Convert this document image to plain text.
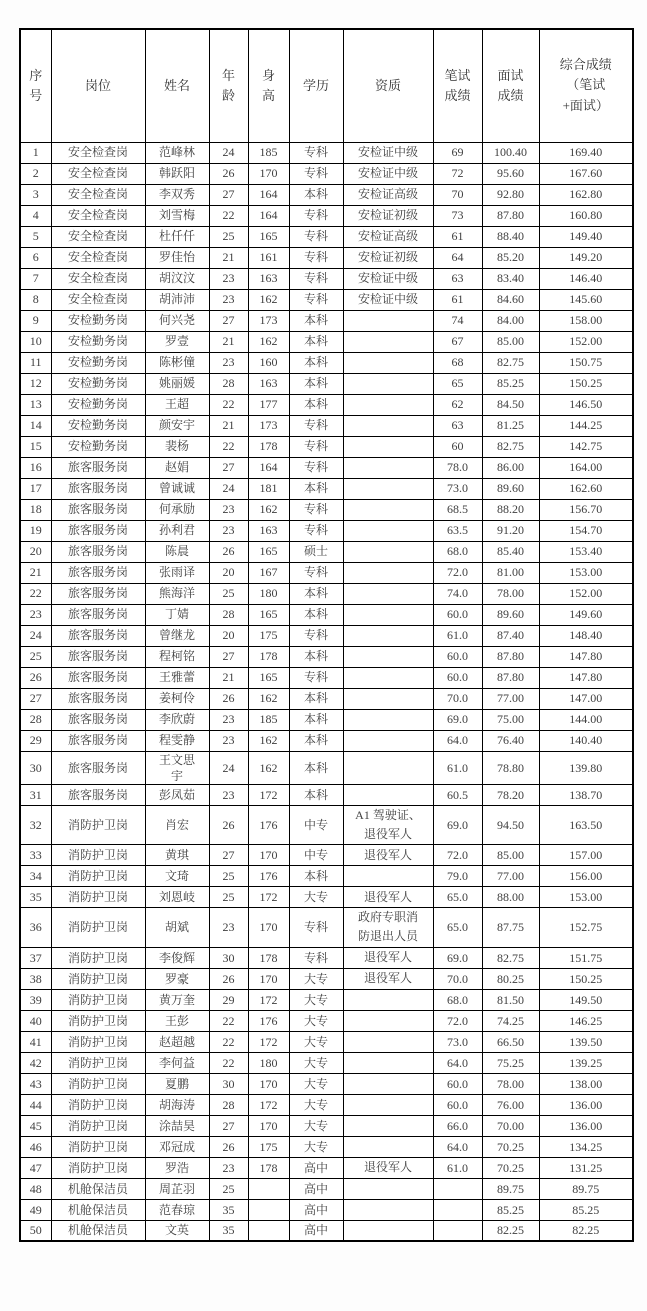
序号	岗位	姓名	年龄	身高	学历	资质	笔试成绩	面试成绩	综合成绩（笔试+面试）
1	安全检查岗	范峰林	24	185	专科	安检证中级	69	100.40	169.40
2	安全检查岗	韩跃阳	26	170	专科	安检证中级	72	95.60	167.60
3	安全检查岗	李双秀	27	164	本科	安检证高级	70	92.80	162.80
4	安全检查岗	刘雪梅	22	164	专科	安检证初级	73	87.80	160.80
5	安全检查岗	杜仟仟	25	165	专科	安检证高级	61	88.40	149.40
6	安全检查岗	罗佳怡	21	161	专科	安检证初级	64	85.20	149.20
7	安全检查岗	胡汶汶	23	163	专科	安检证中级	63	83.40	146.40
8	安全检查岗	胡沛沛	23	162	专科	安检证中级	61	84.60	145.60
9	安检勤务岗	何兴尧	27	173	本科		74	84.00	158.00
10	安检勤务岗	罗壹	21	162	本科		67	85.00	152.00
11	安检勤务岗	陈彬僮	23	160	本科		68	82.75	150.75
12	安检勤务岗	姚丽媛	28	163	本科		65	85.25	150.25
13	安检勤务岗	王超	22	177	本科		62	84.50	146.50
14	安检勤务岗	颜安宇	21	173	专科		63	81.25	144.25
15	安检勤务岗	裴杨	22	178	专科		60	82.75	142.75
16	旅客服务岗	赵娟	27	164	专科		78.0	86.00	164.00
17	旅客服务岗	曾诚诚	24	181	本科		73.0	89.60	162.60
18	旅客服务岗	何承励	23	162	专科		68.5	88.20	156.70
19	旅客服务岗	孙利君	23	163	专科		63.5	91.20	154.70
20	旅客服务岗	陈晨	26	165	硕士		68.0	85.40	153.40
21	旅客服务岗	张雨译	20	167	专科		72.0	81.00	153.00
22	旅客服务岗	熊海洋	25	180	本科		74.0	78.00	152.00
23	旅客服务岗	丁婧	28	165	本科		60.0	89.60	149.60
24	旅客服务岗	曾继龙	20	175	专科		61.0	87.40	148.40
25	旅客服务岗	程柯铭	27	178	本科		60.0	87.80	147.80
26	旅客服务岗	王雅蕾	21	165	专科		60.0	87.80	147.80
27	旅客服务岗	姜柯伶	26	162	本科		70.0	77.00	147.00
28	旅客服务岗	李欣蔚	23	185	本科		69.0	75.00	144.00
29	旅客服务岗	程雯静	23	162	本科		64.0	76.40	140.40
30	旅客服务岗	王文思宇	24	162	本科		61.0	78.80	139.80
31	旅客服务岗	彭凤茹	23	172	本科		60.5	78.20	138.70
32	消防护卫岗	肖宏	26	176	中专	A1 驾驶证、退役军人	69.0	94.50	163.50
33	消防护卫岗	黄琪	27	170	中专	退役军人	72.0	85.00	157.00
34	消防护卫岗	文琦	25	176	本科		79.0	77.00	156.00
35	消防护卫岗	刘恩岐	25	172	大专	退役军人	65.0	88.00	153.00
36	消防护卫岗	胡斌	23	170	专科	政府专职消防退出人员	65.0	87.75	152.75
37	消防护卫岗	李俊辉	30	178	专科	退役军人	69.0	82.75	151.75
38	消防护卫岗	罗豪	26	170	大专	退役军人	70.0	80.25	150.25
39	消防护卫岗	黄万奎	29	172	大专		68.0	81.50	149.50
40	消防护卫岗	王彭	22	176	大专		72.0	74.25	146.25
41	消防护卫岗	赵超越	22	172	大专		73.0	66.50	139.50
42	消防护卫岗	李何益	22	180	大专		64.0	75.25	139.25
43	消防护卫岗	夏鹏	30	170	大专		60.0	78.00	138.00
44	消防护卫岗	胡海涛	28	172	大专		60.0	76.00	136.00
45	消防护卫岗	涂喆昊	27	170	大专		66.0	70.00	136.00
46	消防护卫岗	邓冠成	26	175	大专		64.0	70.25	134.25
47	消防护卫岗	罗浩	23	178	高中	退役军人	61.0	70.25	131.25
48	机舱保洁员	周芷羽	25		高中			89.75	89.75
49	机舱保洁员	范春琼	35		高中			85.25	85.25
50	机舱保洁员	文英	35		高中			82.25	82.25
